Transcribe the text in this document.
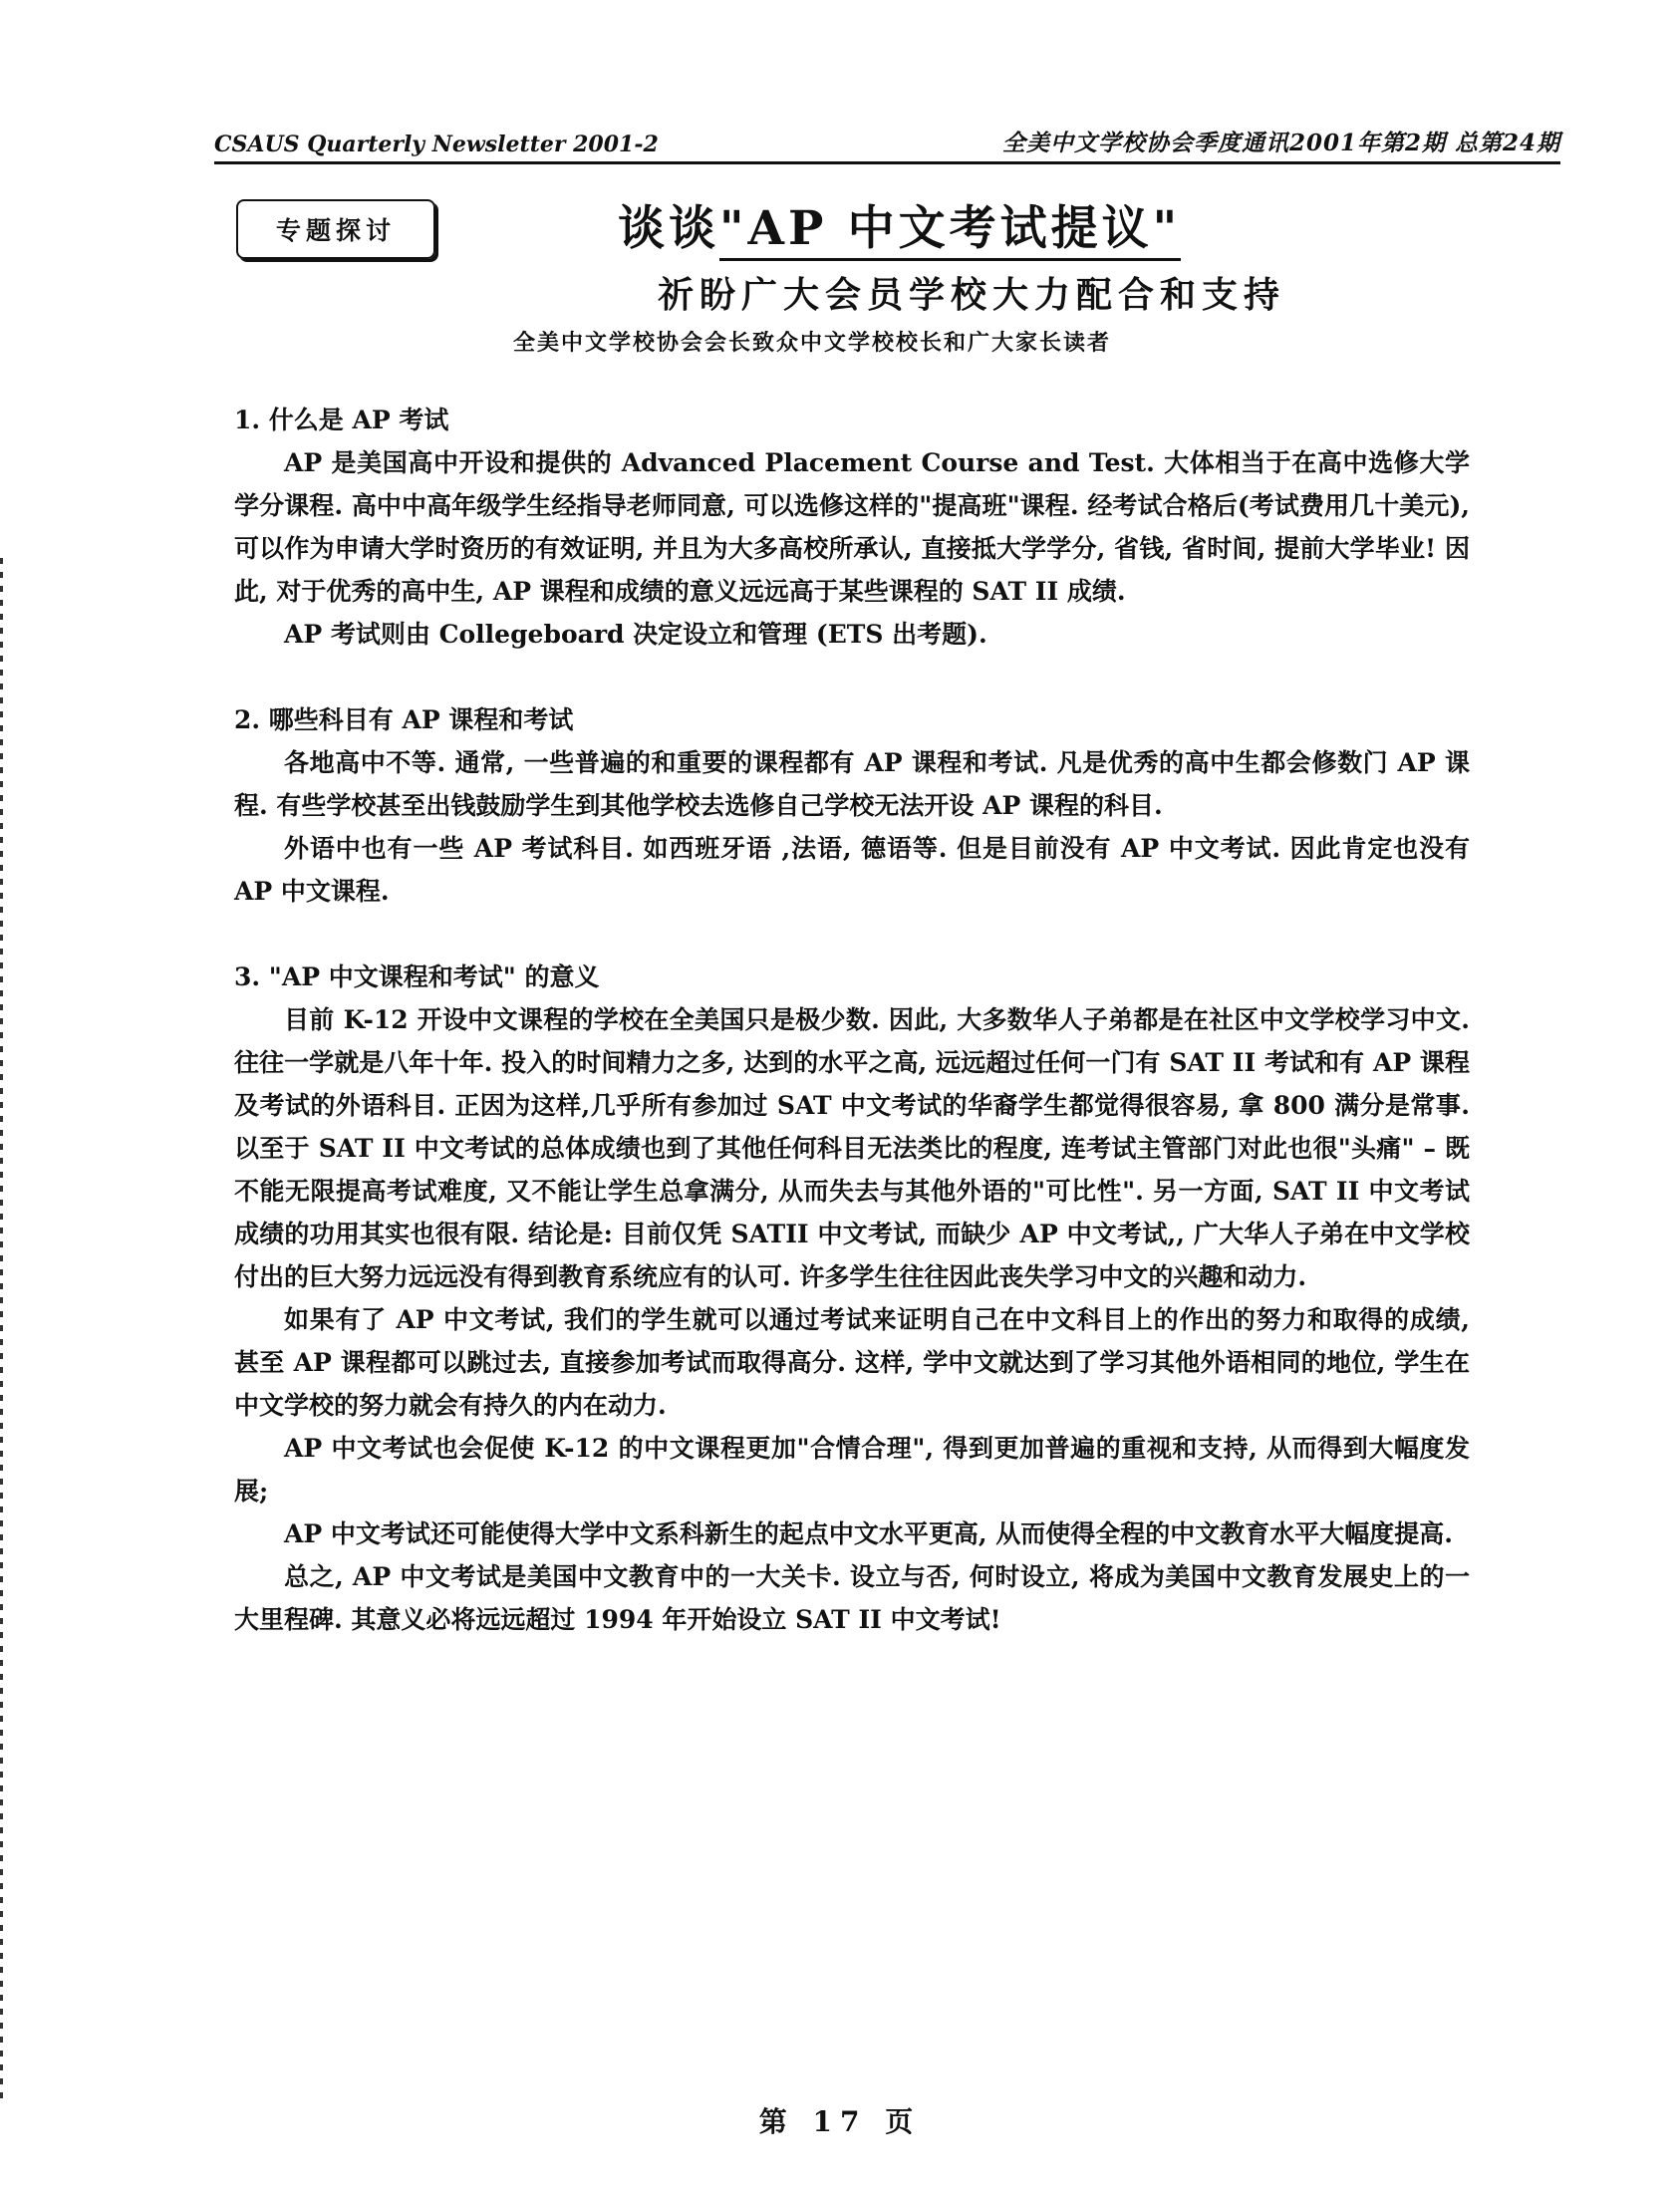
CSAUS Quarterly Newsletter 2001-2	全美中文学校协会季度通讯2001年第2期 总第24期
专题探讨	谈谈"AP 中文考试提议"
祈盼广大会员学校大力配合和支持
全美中文学校协会会长致众中文学校校长和广大家长读者

1. 什么是 AP 考试

AP 是美国高中开设和提供的 Advanced Placement Course and Test. 大体相当于在高中选修大学学分课程. 高中中高年级学生经指导老师同意, 可以选修这样的"提高班"课程. 经考试合格后(考试费用几十美元), 可以作为申请大学时资历的有效证明, 并且为大多高校所承认, 直接抵大学学分, 省钱, 省时间, 提前大学毕业! 因此, 对于优秀的高中生, AP 课程和成绩的意义远远高于某些课程的 SAT II 成绩.

AP 考试则由 Collegeboard 决定设立和管理 (ETS 出考题).

2. 哪些科目有 AP 课程和考试

各地高中不等. 通常, 一些普遍的和重要的课程都有 AP 课程和考试. 凡是优秀的高中生都会修数门 AP 课程. 有些学校甚至出钱鼓励学生到其他学校去选修自己学校无法开设 AP 课程的科目.

外语中也有一些 AP 考试科目. 如西班牙语 ,法语, 德语等. 但是目前没有 AP 中文考试. 因此肯定也没有 AP 中文课程.

3. "AP 中文课程和考试" 的意义

目前 K-12 开设中文课程的学校在全美国只是极少数. 因此, 大多数华人子弟都是在社区中文学校学习中文. 往往一学就是八年十年. 投入的时间精力之多, 达到的水平之高, 远远超过任何一门有 SAT II 考试和有 AP 课程及考试的外语科目. 正因为这样,几乎所有参加过 SAT 中文考试的华裔学生都觉得很容易, 拿 800 满分是常事. 以至于 SAT II 中文考试的总体成绩也到了其他任何科目无法类比的程度, 连考试主管部门对此也很"头痛" – 既不能无限提高考试难度, 又不能让学生总拿满分, 从而失去与其他外语的"可比性". 另一方面, SAT II 中文考试成绩的功用其实也很有限. 结论是: 目前仅凭 SATII 中文考试, 而缺少 AP 中文考试,, 广大华人子弟在中文学校付出的巨大努力远远没有得到教育系统应有的认可. 许多学生往往因此丧失学习中文的兴趣和动力.

如果有了 AP 中文考试, 我们的学生就可以通过考试来证明自己在中文科目上的作出的努力和取得的成绩, 甚至 AP 课程都可以跳过去, 直接参加考试而取得高分. 这样, 学中文就达到了学习其他外语相同的地位, 学生在中文学校的努力就会有持久的内在动力.

AP 中文考试也会促使 K-12 的中文课程更加"合情合理", 得到更加普遍的重视和支持, 从而得到大幅度发展;

AP 中文考试还可能使得大学中文系科新生的起点中文水平更高, 从而使得全程的中文教育水平大幅度提高.

总之, AP 中文考试是美国中文教育中的一大关卡. 设立与否, 何时设立, 将成为美国中文教育发展史上的一大里程碑. 其意义必将远远超过 1994 年开始设立 SAT II 中文考试!

第 17 页
